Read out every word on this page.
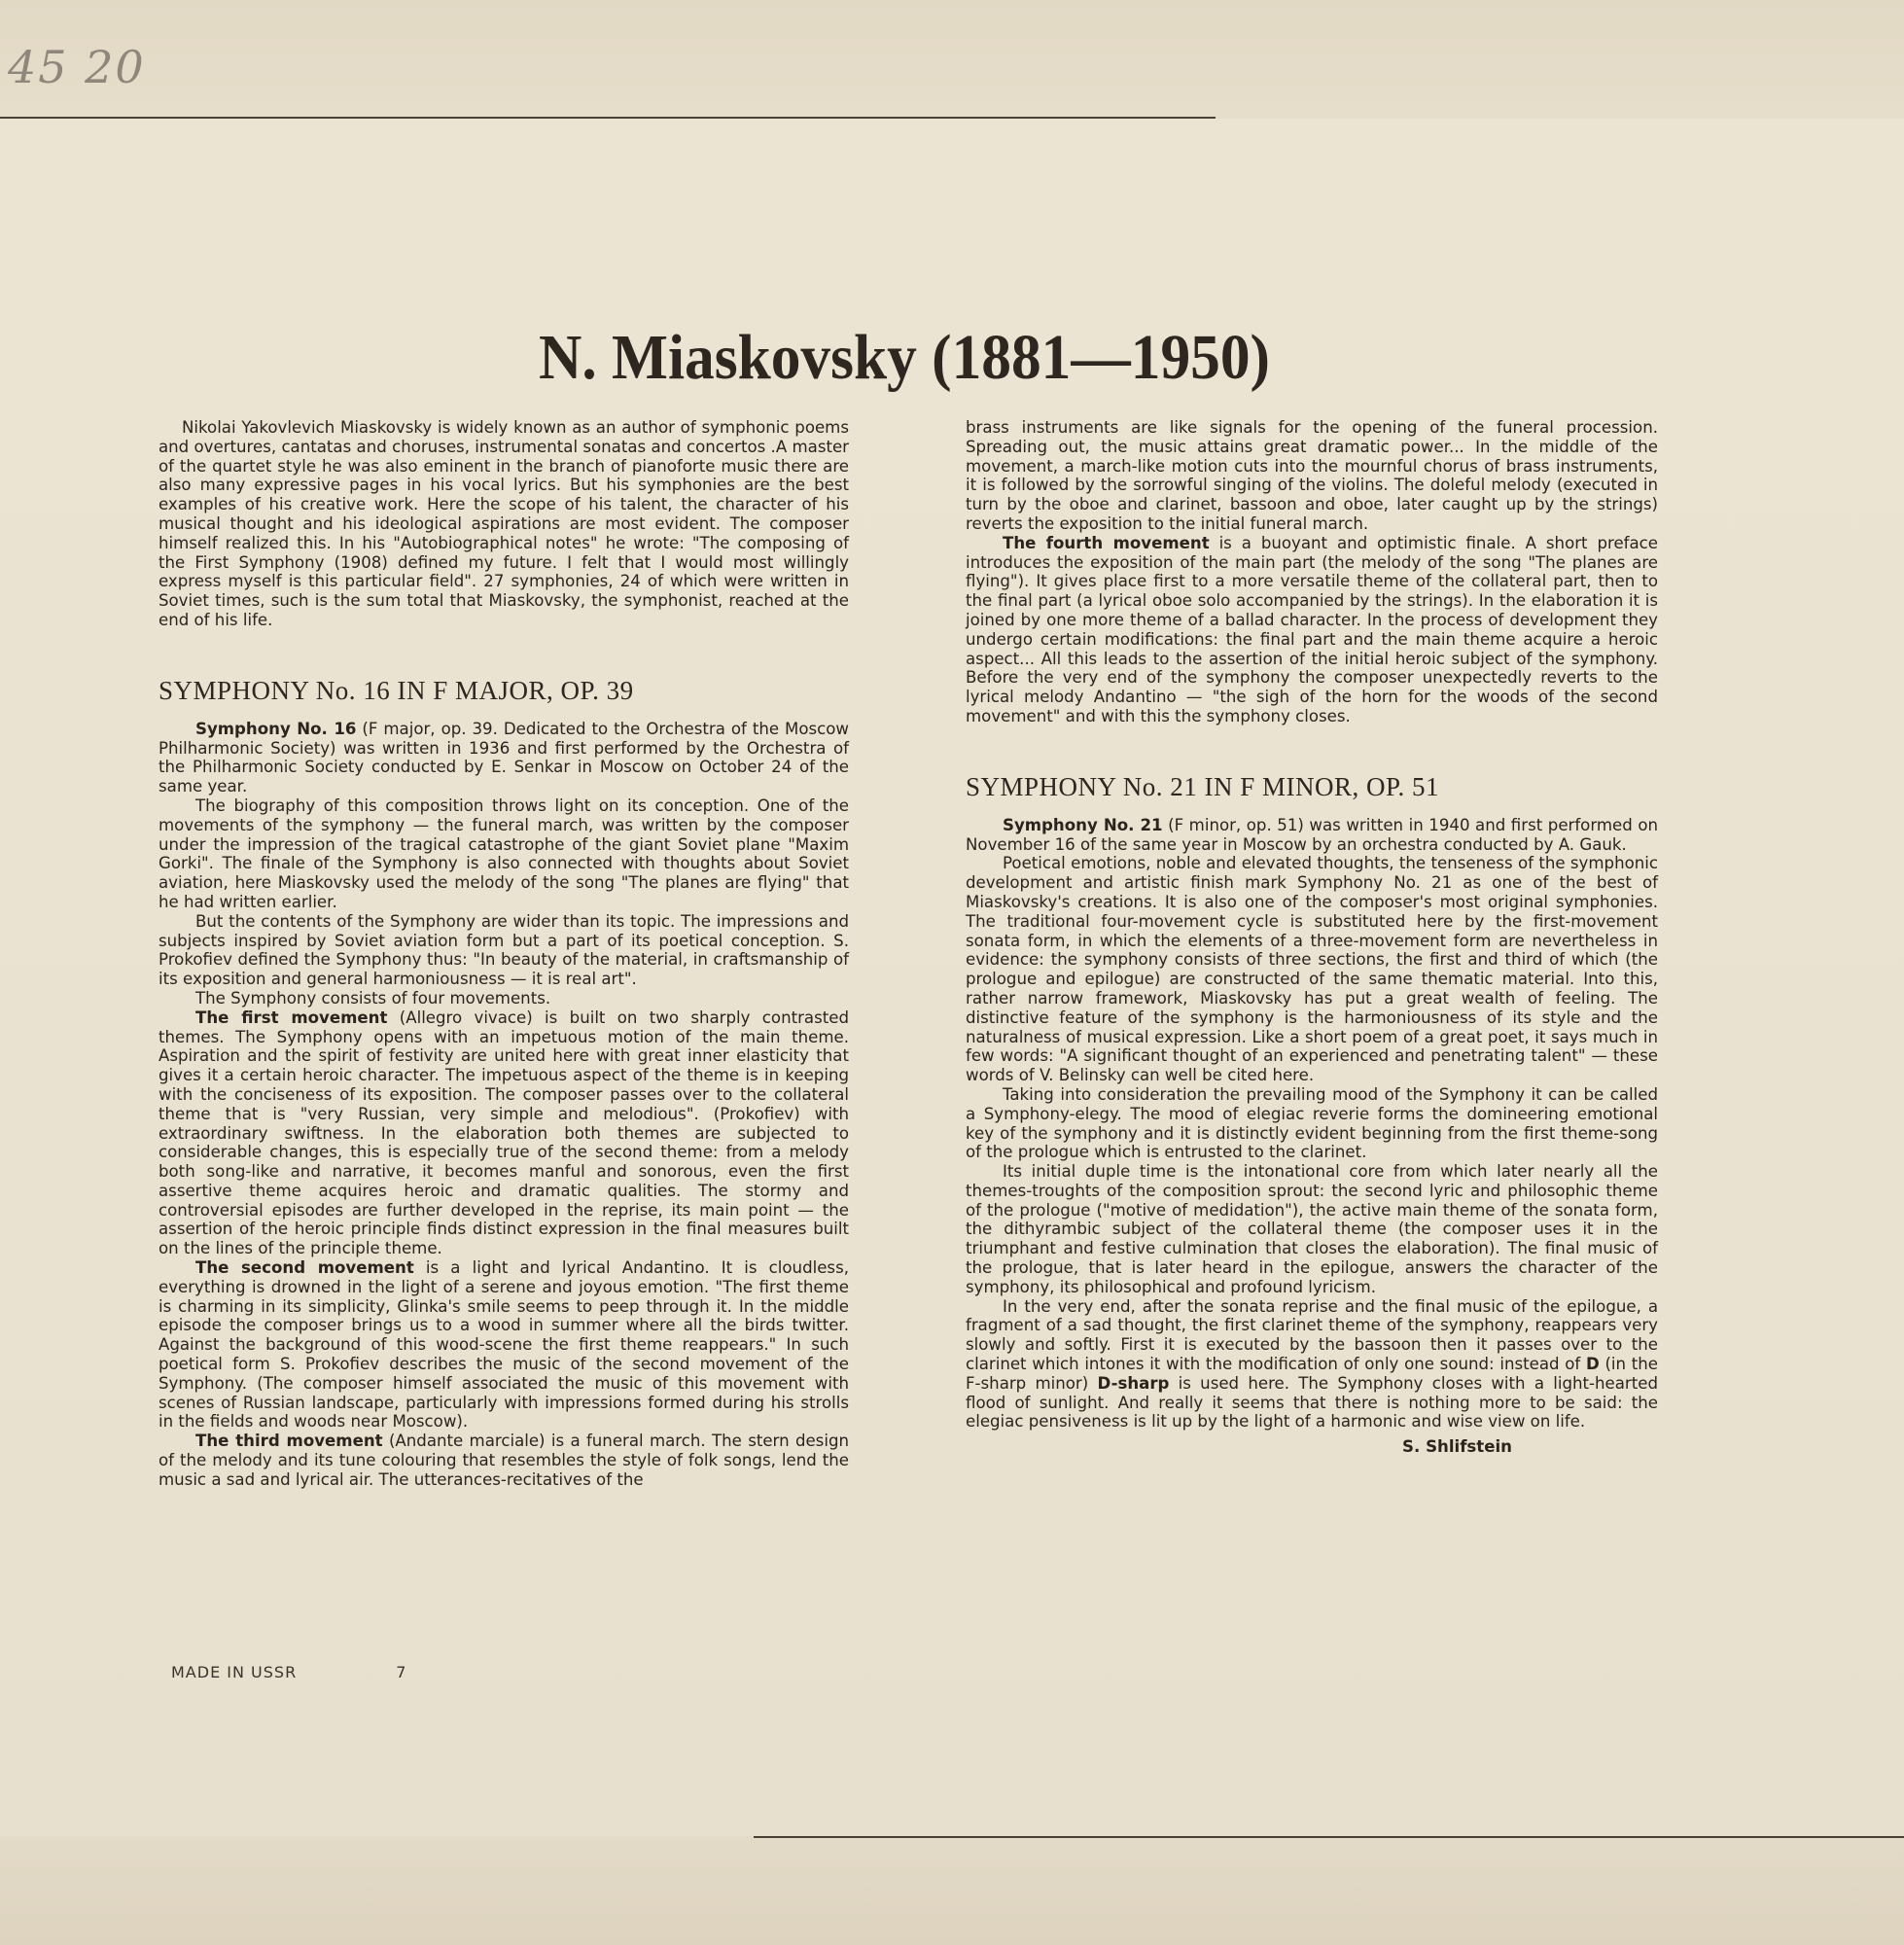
45 20
N. Miaskovsky (1881—1950)

Nikolai Yakovlevich Miaskovsky is widely known as an author of symphonic poems and overtures, cantatas and choruses, instrumental sonatas and concertos .A master of the quartet style he was also eminent in the branch of pianoforte music there are also many expressive pages in his vocal lyrics. But his symphonies are the best examples of his creative work. Here the scope of his talent, the character of his musical thought and his ideological aspirations are most evident. The composer himself realized this. In his "Autobiographical notes" he wrote: "The composing of the First Symphony (1908) defined my future. I felt that I would most willingly express myself is this particular field". 27 symphonies, 24 of which were written in Soviet times, such is the sum total that Miaskovsky, the symphonist, reached at the end of his life.

SYMPHONY No. 16 IN F MAJOR, OP. 39

Symphony No. 16 (F major, op. 39. Dedicated to the Orchestra of the Moscow Philharmonic Society) was written in 1936 and first performed by the Orchestra of the Philharmonic Society conducted by E. Senkar in Moscow on October 24 of the same year.

The biography of this composition throws light on its conception. One of the movements of the symphony — the funeral march, was written by the composer under the impression of the tragical catastrophe of the giant Soviet plane "Maxim Gorki". The finale of the Symphony is also connected with thoughts about Soviet aviation, here Miaskovsky used the melody of the song "The planes are flying" that he had written earlier.

But the contents of the Symphony are wider than its topic. The impressions and subjects inspired by Soviet aviation form but a part of its poetical conception. S. Prokofiev defined the Symphony thus: "In beauty of the material, in craftsmanship of its exposition and general harmoniousness — it is real art".

The Symphony consists of four movements.

The first movement (Allegro vivace) is built on two sharply contrasted themes. The Symphony opens with an impetuous motion of the main theme. Aspiration and the spirit of festivity are united here with great inner elasticity that gives it a certain heroic character. The impetuous aspect of the theme is in keeping with the conciseness of its exposition. The composer passes over to the collateral theme that is "very Russian, very simple and melodious". (Prokofiev) with extraordinary swiftness. In the elaboration both themes are subjected to considerable changes, this is especially true of the second theme: from a melody both song-like and narrative, it becomes manful and sonorous, even the first assertive theme acquires heroic and dramatic qualities. The stormy and controversial episodes are further developed in the reprise, its main point — the assertion of the heroic principle finds distinct expression in the final measures built on the lines of the principle theme.

The second movement is a light and lyrical Andantino. It is cloudless, everything is drowned in the light of a serene and joyous emotion. "The first theme is charming in its simplicity, Glinka's smile seems to peep through it. In the middle episode the composer brings us to a wood in summer where all the birds twitter. Against the background of this wood-scene the first theme reappears." In such poetical form S. Prokofiev describes the music of the second movement of the Symphony. (The composer himself associated the music of this movement with scenes of Russian landscape, particularly with impressions formed during his strolls in the fields and woods near Moscow).

The third movement (Andante marciale) is a funeral march. The stern design of the melody and its tune colouring that resembles the style of folk songs, lend the music a sad and lyrical air. The utterances-recitatives of the

brass instruments are like signals for the opening of the funeral procession. Spreading out, the music attains great dramatic power... In the middle of the movement, a march-like motion cuts into the mournful chorus of brass instruments, it is followed by the sorrowful singing of the violins. The doleful melody (executed in turn by the oboe and clarinet, bassoon and oboe, later caught up by the strings) reverts the exposition to the initial funeral march.

The fourth movement is a buoyant and optimistic finale. A short preface introduces the exposition of the main part (the melody of the song "The planes are flying"). It gives place first to a more versatile theme of the collateral part, then to the final part (a lyrical oboe solo accompanied by the strings). In the elaboration it is joined by one more theme of a ballad character. In the process of development they undergo certain modifications: the final part and the main theme acquire a heroic aspect... All this leads to the assertion of the initial heroic subject of the symphony. Before the very end of the symphony the composer unexpectedly reverts to the lyrical melody Andantino — "the sigh of the horn for the woods of the second movement" and with this the symphony closes.

SYMPHONY No. 21 IN F MINOR, OP. 51

Symphony No. 21 (F minor, op. 51) was written in 1940 and first performed on November 16 of the same year in Moscow by an orchestra conducted by A. Gauk.

Poetical emotions, noble and elevated thoughts, the tenseness of the symphonic development and artistic finish mark Symphony No. 21 as one of the best of Miaskovsky's creations. It is also one of the composer's most original symphonies. The traditional four-movement cycle is substituted here by the first-movement sonata form, in which the elements of a three-movement form are nevertheless in evidence: the symphony consists of three sections, the first and third of which (the prologue and epilogue) are constructed of the same thematic material. Into this, rather narrow framework, Miaskovsky has put a great wealth of feeling. The distinctive feature of the symphony is the harmoniousness of its style and the naturalness of musical expression. Like a short poem of a great poet, it says much in few words: "A significant thought of an experienced and penetrating talent" — these words of V. Belinsky can well be cited here.

Taking into consideration the prevailing mood of the Symphony it can be called a Symphony-elegy. The mood of elegiac reverie forms the domineering emotional key of the symphony and it is distinctly evident beginning from the first theme-song of the prologue which is entrusted to the clarinet.

Its initial duple time is the intonational core from which later nearly all the themes-troughts of the composition sprout: the second lyric and philosophic theme of the prologue ("motive of medidation"), the active main theme of the sonata form, the dithyrambic subject of the collateral theme (the composer uses it in the triumphant and festive culmination that closes the elaboration). The final music of the prologue, that is later heard in the epilogue, answers the character of the symphony, its philosophical and profound lyricism.

In the very end, after the sonata reprise and the final music of the epilogue, a fragment of a sad thought, the first clarinet theme of the symphony, reappears very slowly and softly. First it is executed by the bassoon then it passes over to the clarinet which intones it with the modification of only one sound: instead of D (in the F-sharp minor) D-sharp is used here. The Symphony closes with a light-hearted flood of sunlight. And really it seems that there is nothing more to be said: the elegiac pensiveness is lit up by the light of a harmonic and wise view on life.

S. Shlifstein
MADE IN USSR	7
